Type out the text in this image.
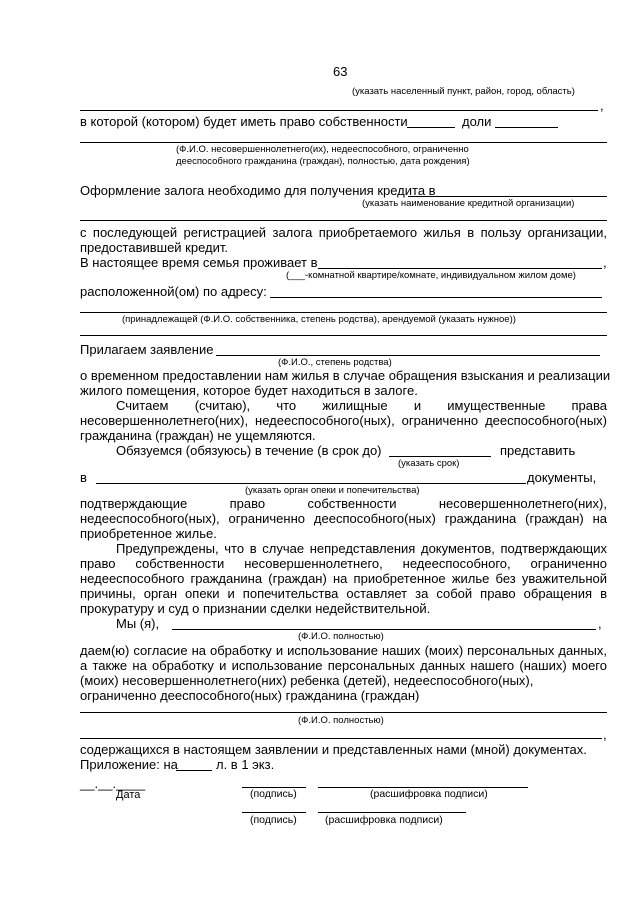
63
(указать населенный пункт, район, город, область)
,
в которой (котором) будет иметь право собственности	доли
(Ф.И.О. несовершеннолетнего(их), недееспособного, ограниченно
дееспособного гражданина (граждан), полностью, дата рождения)
Оформление залога необходимо для получения кредита в
(указать наименование кредитной организации)
с последующей регистрацией залога приобретаемого жилья в пользу организации,
предоставившей кредит.
В настоящее время семья проживает в	,
(___-комнатной квартире/комнате, индивидуальном жилом доме)
расположенной(ом) по адресу:
(принадлежащей (Ф.И.О. собственника, степень родства), арендуемой (указать нужное))
Прилагаем заявление
(Ф.И.О., степень родства)
о временном предоставлении нам жилья в случае обращения взыскания и реализации
жилого помещения, которое будет находиться в залоге.
Считаем (считаю), что жилищные и имущественные права
несовершеннолетнего(них), недееспособного(ных), ограниченно дееспособного(ных)
гражданина (граждан) не ущемляются.
Обязуемся (обязуюсь) в течение (в срок до)	представить
(указать срок)
в	документы,
(указать орган опеки и попечительства)
подтверждающие право собственности несовершеннолетнего(них),
недееспособного(ных), ограниченно дееспособного(ных) гражданина (граждан) на
приобретенное жилье.
Предупреждены, что в случае непредставления документов, подтверждающих
право собственности несовершеннолетнего, недееспособного, ограниченно
недееспособного гражданина (граждан) на приобретенное жилье без уважительной
причины, орган опеки и попечительства оставляет за собой право обращения в
прокуратуру и суд о признании сделки недействительной.
Мы (я),	,
(Ф.И.О. полностью)
даем(ю) согласие на обработку и использование наших (моих) персональных данных,
а также на обработку и использование персональных данных нашего (наших) моего
(моих) несовершеннолетнего(них) ребенка (детей), недееспособного(ных),
ограниченно дееспособного(ных) гражданина (граждан)
(Ф.И.О. полностью)
,
содержащихся в настоящем заявлении и представленных нами (мной) документах.
Приложение: на	л. в 1 экз.
__.__.____
Дата	(подпись)	(расшифровка подписи)
(подпись)	(расшифровка подписи)
